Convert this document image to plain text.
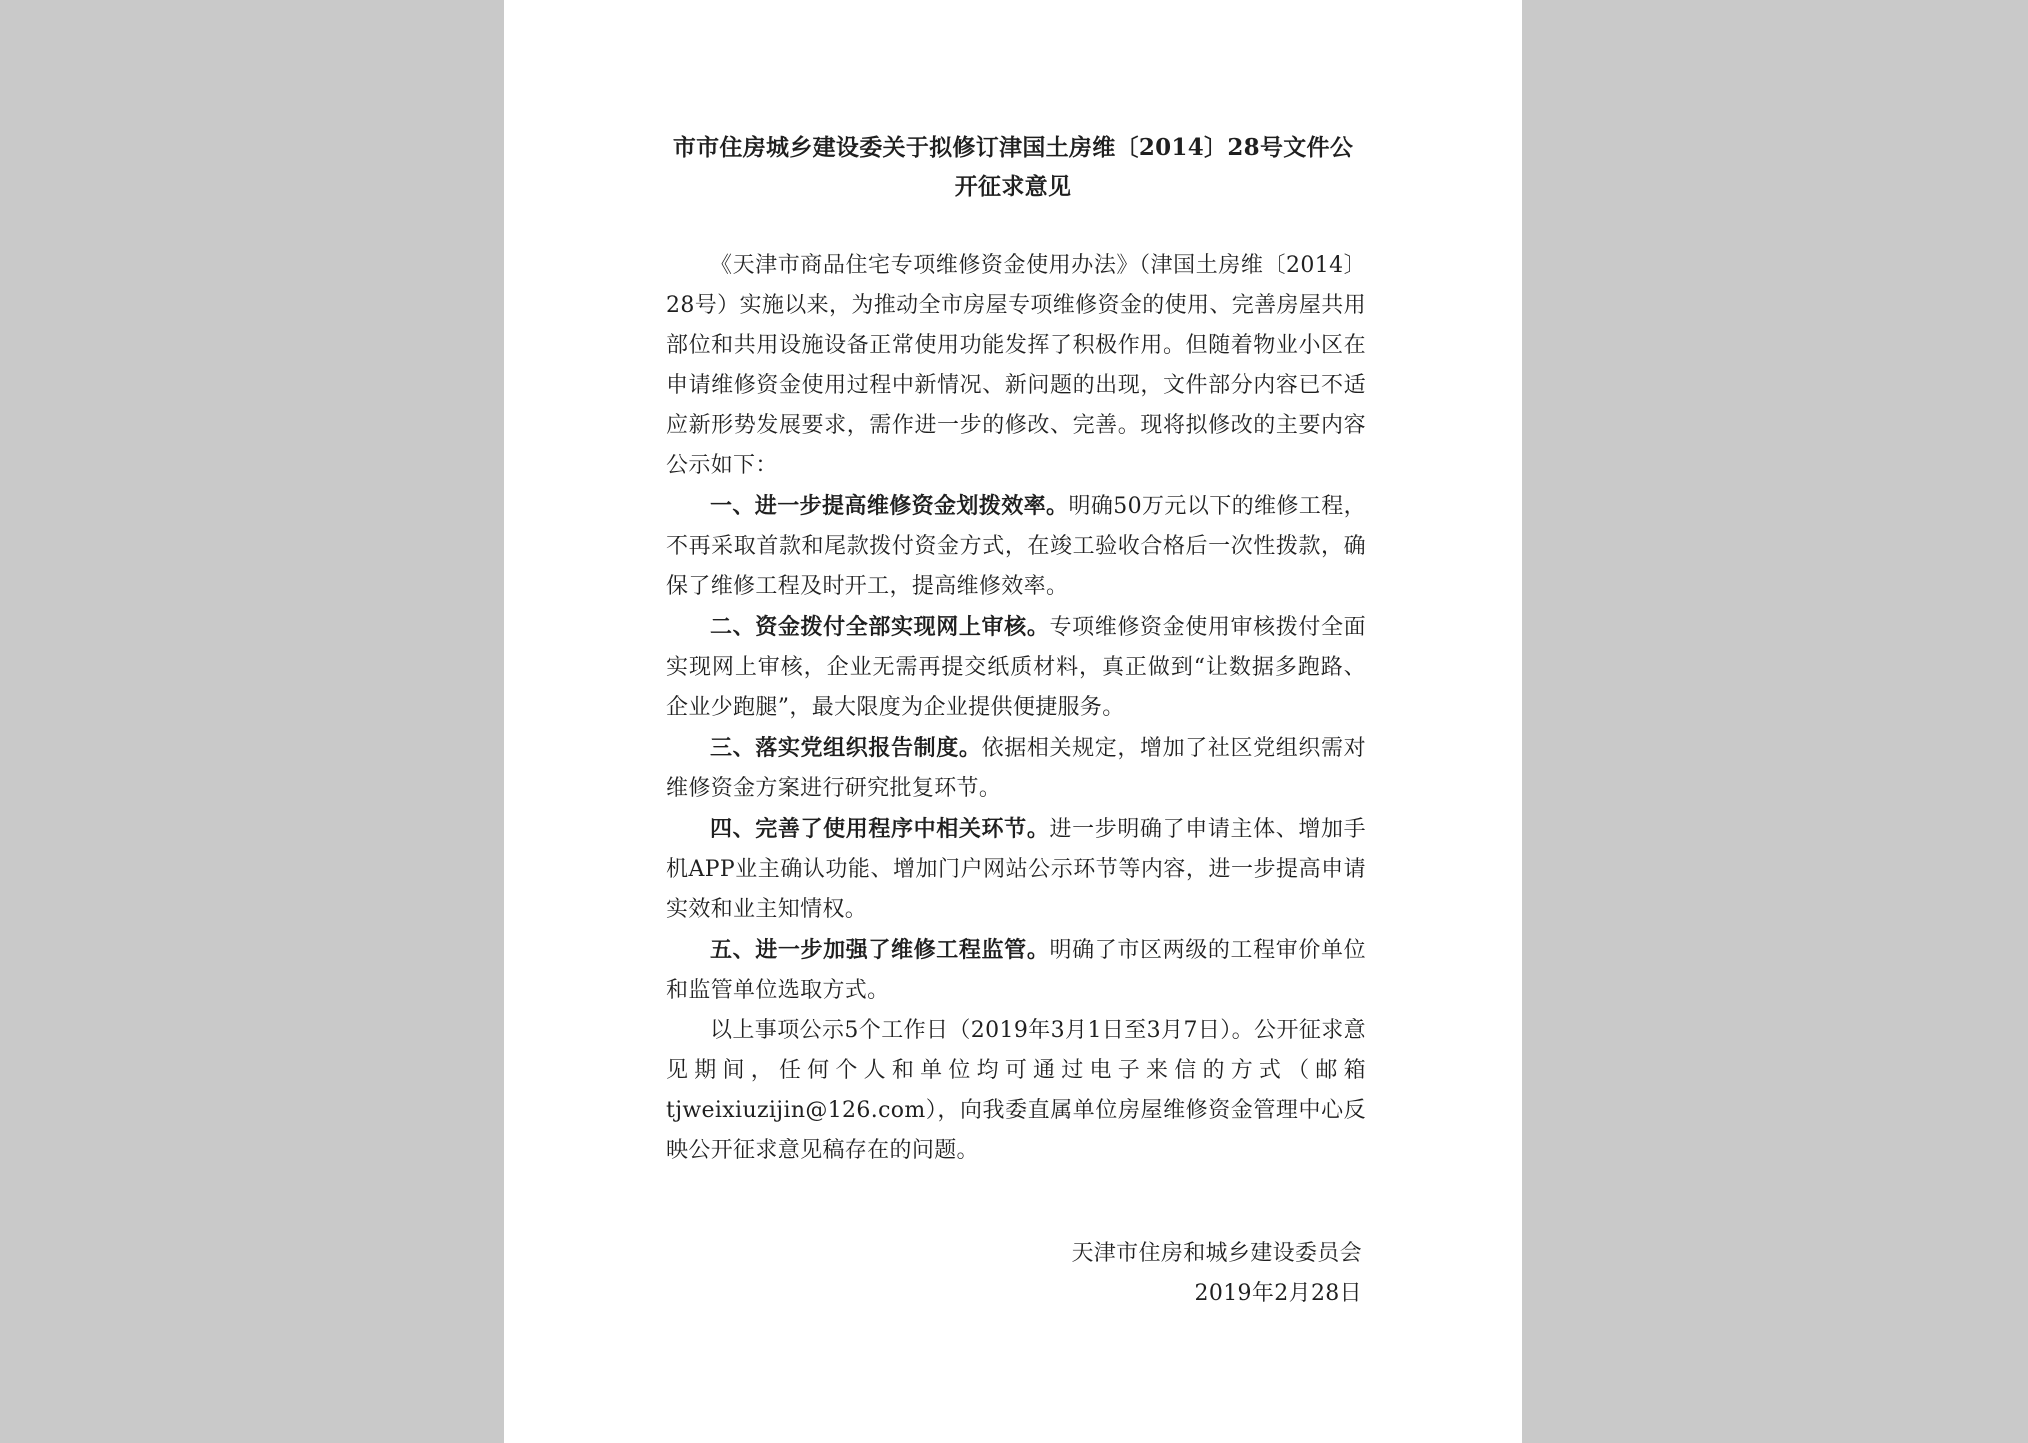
市市住房城乡建设委关于拟修订津国土房维〔2014〕28号文件公
开征求意见

《天津市商品住宅专项维修资金使用办法》（津国土房维〔2014〕28号）实施以来，为推动全市房屋专项维修资金的使用、完善房屋共用部位和共用设施设备正常使用功能发挥了积极作用。但随着物业小区在申请维修资金使用过程中新情况、新问题的出现，文件部分内容已不适应新形势发展要求，需作进一步的修改、完善。现将拟修改的主要内容公示如下：

一、进一步提高维修资金划拨效率。明确50万元以下的维修工程，不再采取首款和尾款拨付资金方式，在竣工验收合格后一次性拨款，确保了维修工程及时开工，提高维修效率。

二、资金拨付全部实现网上审核。专项维修资金使用审核拨付全面实现网上审核，企业无需再提交纸质材料，真正做到“让数据多跑路、企业少跑腿”，最大限度为企业提供便捷服务。

三、落实党组织报告制度。依据相关规定，增加了社区党组织需对维修资金方案进行研究批复环节。

四、完善了使用程序中相关环节。进一步明确了申请主体、增加手机APP业主确认功能、增加门户网站公示环节等内容，进一步提高申请实效和业主知情权。

五、进一步加强了维修工程监管。明确了市区两级的工程审价单位和监管单位选取方式。

以上事项公示5个工作日（2019年3月1日至3月7日）。公开征求意见期间，任何个人和单位均可通过电子来信的方式（邮箱 tjweixiuzijin@126.com），向我委直属单位房屋维修资金管理中心反映公开征求意见稿存在的问题。

天津市住房和城乡建设委员会
2019年2月28日
